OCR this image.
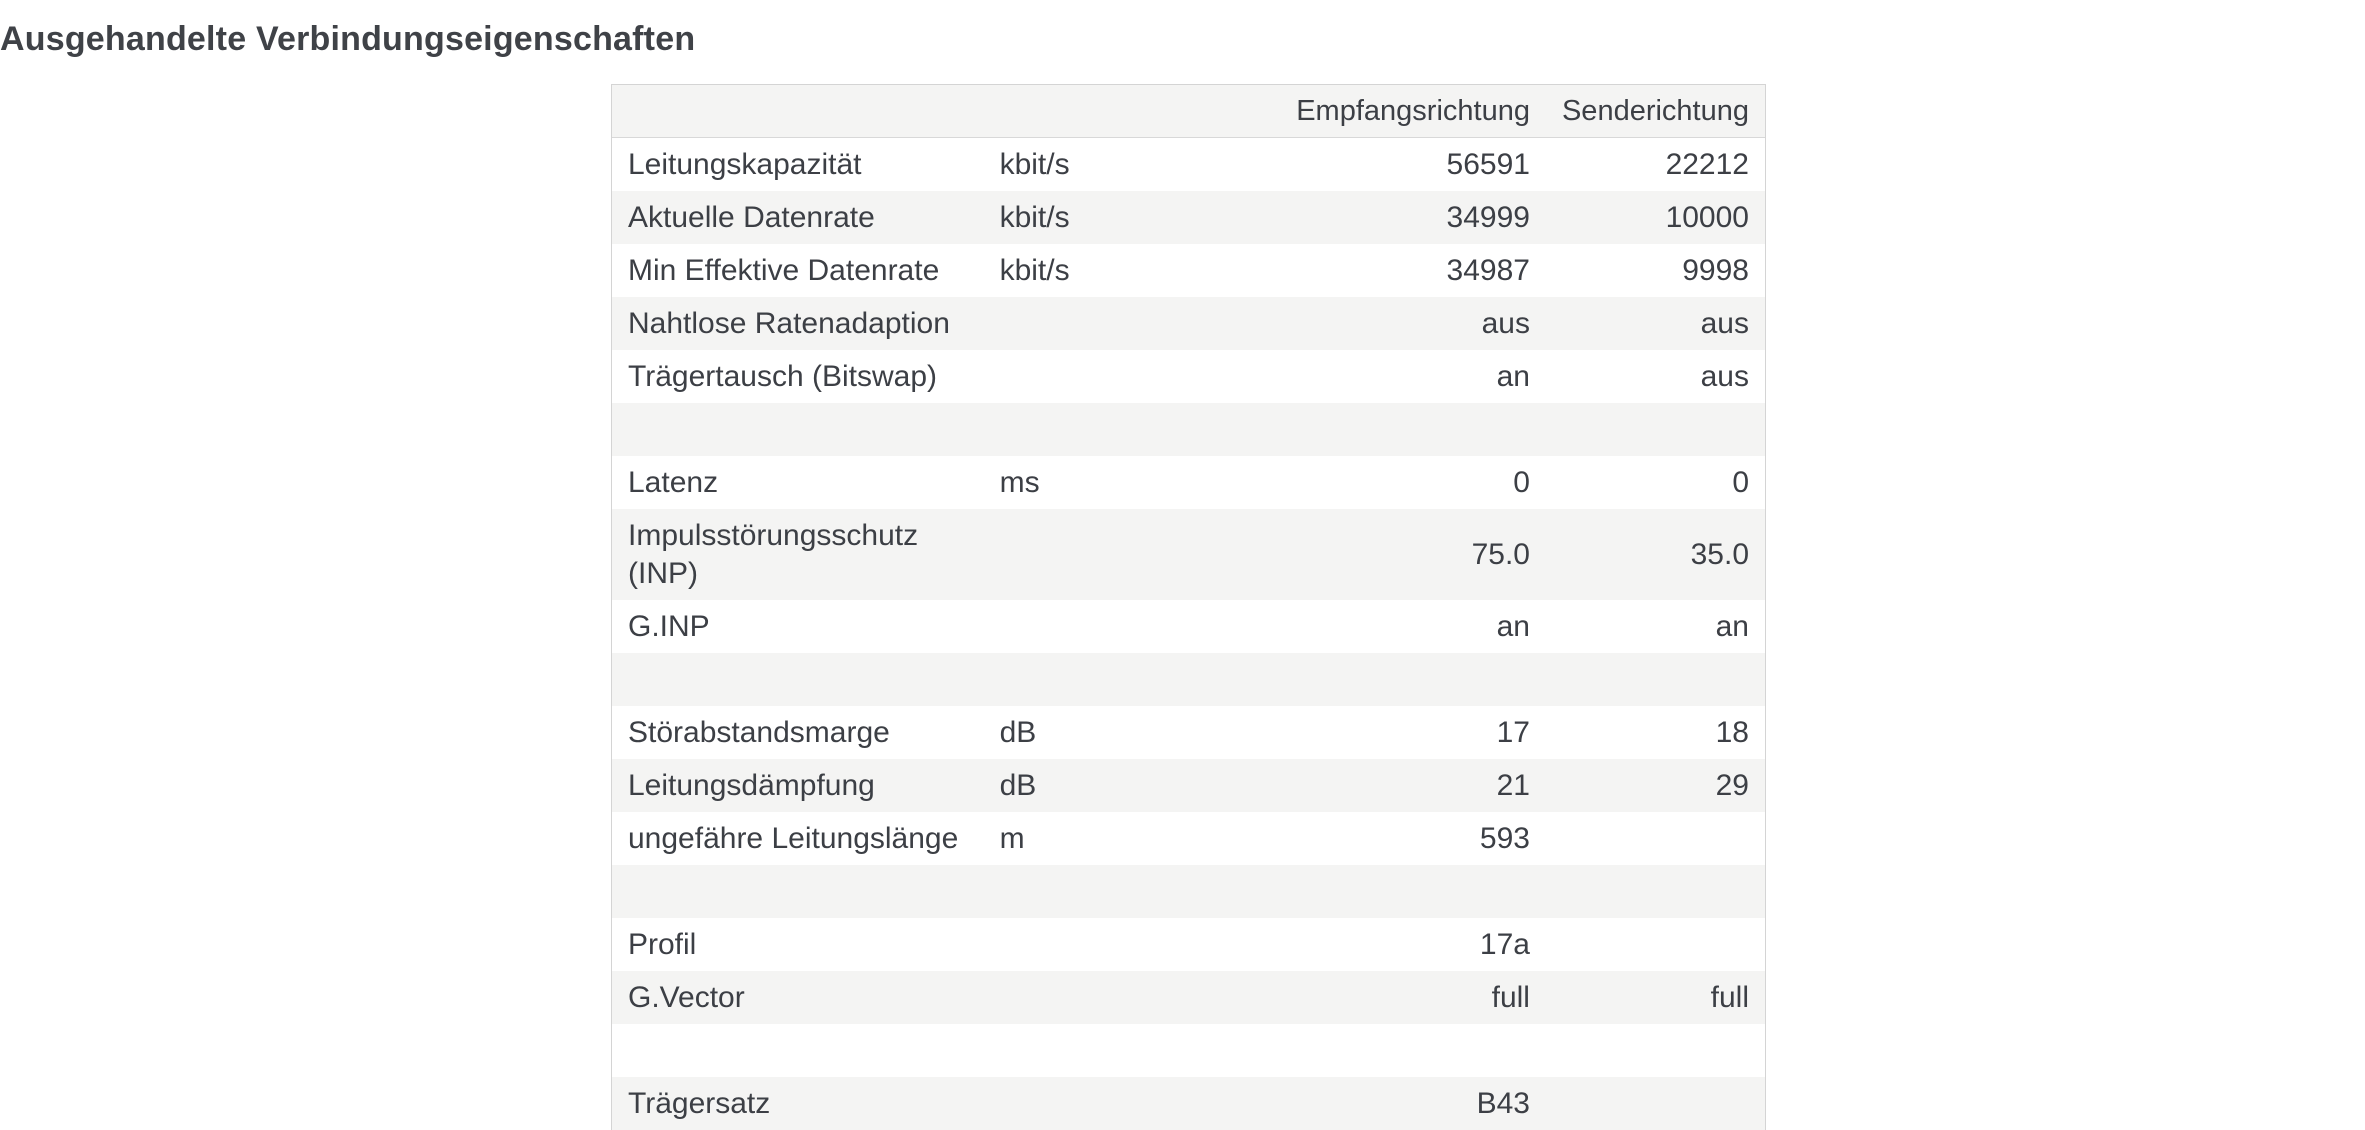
Ausgehandelte Verbindungseigenschaften
		Empfangsrichtung	Senderichtung
Leitungskapazität	kbit/s	56591	22212
Aktuelle Datenrate	kbit/s	34999	10000
Min Effektive Datenrate	kbit/s	34987	9998
Nahtlose Ratenadaption		aus	aus
Trägertausch (Bitswap)		an	aus

Latenz	ms	0	0
Impulsstörungsschutz (INP)		75.0	35.0
G.INP		an	an

Störabstandsmarge	dB	17	18
Leitungsdämpfung	dB	21	29
ungefähre Leitungslänge	m	593	

Profil		17a	
G.Vector		full	full

Trägersatz		B43	
